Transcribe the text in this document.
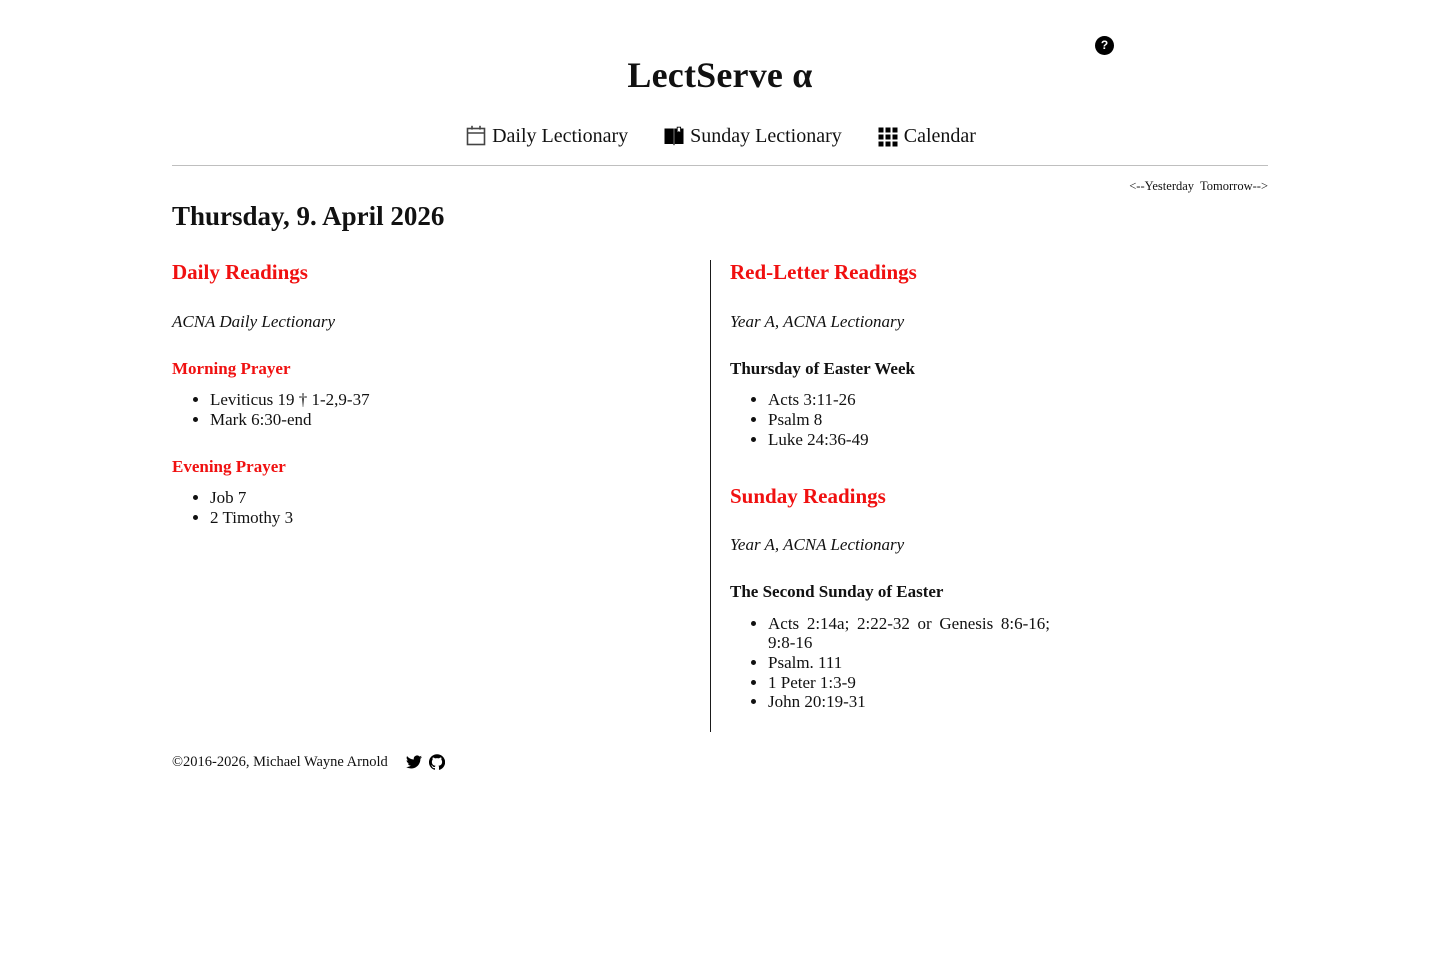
?
LectServe α
Daily Lectionary	Sunday Lectionary	Calendar
<--Yesterday Tomorrow-->
Thursday, 9. April 2026
Daily Readings

ACNA Daily Lectionary

Morning Prayer
• Leviticus 19 † 1-2,9-37
• Mark 6:30-end
Evening Prayer
• Job 7
• 2 Timothy 3
Red-Letter Readings

Year A, ACNA Lectionary

Thursday of Easter Week
• Acts 3:11-26
• Psalm 8
• Luke 24:36-49
Sunday Readings

Year A, ACNA Lectionary

The Second Sunday of Easter
• Acts 2:14a; 2:22-32 or Genesis 8:6-16; 9:8-16
• Psalm. 111
• 1 Peter 1:3-9
• John 20:19-31
©2016-2026, Michael Wayne Arnold
